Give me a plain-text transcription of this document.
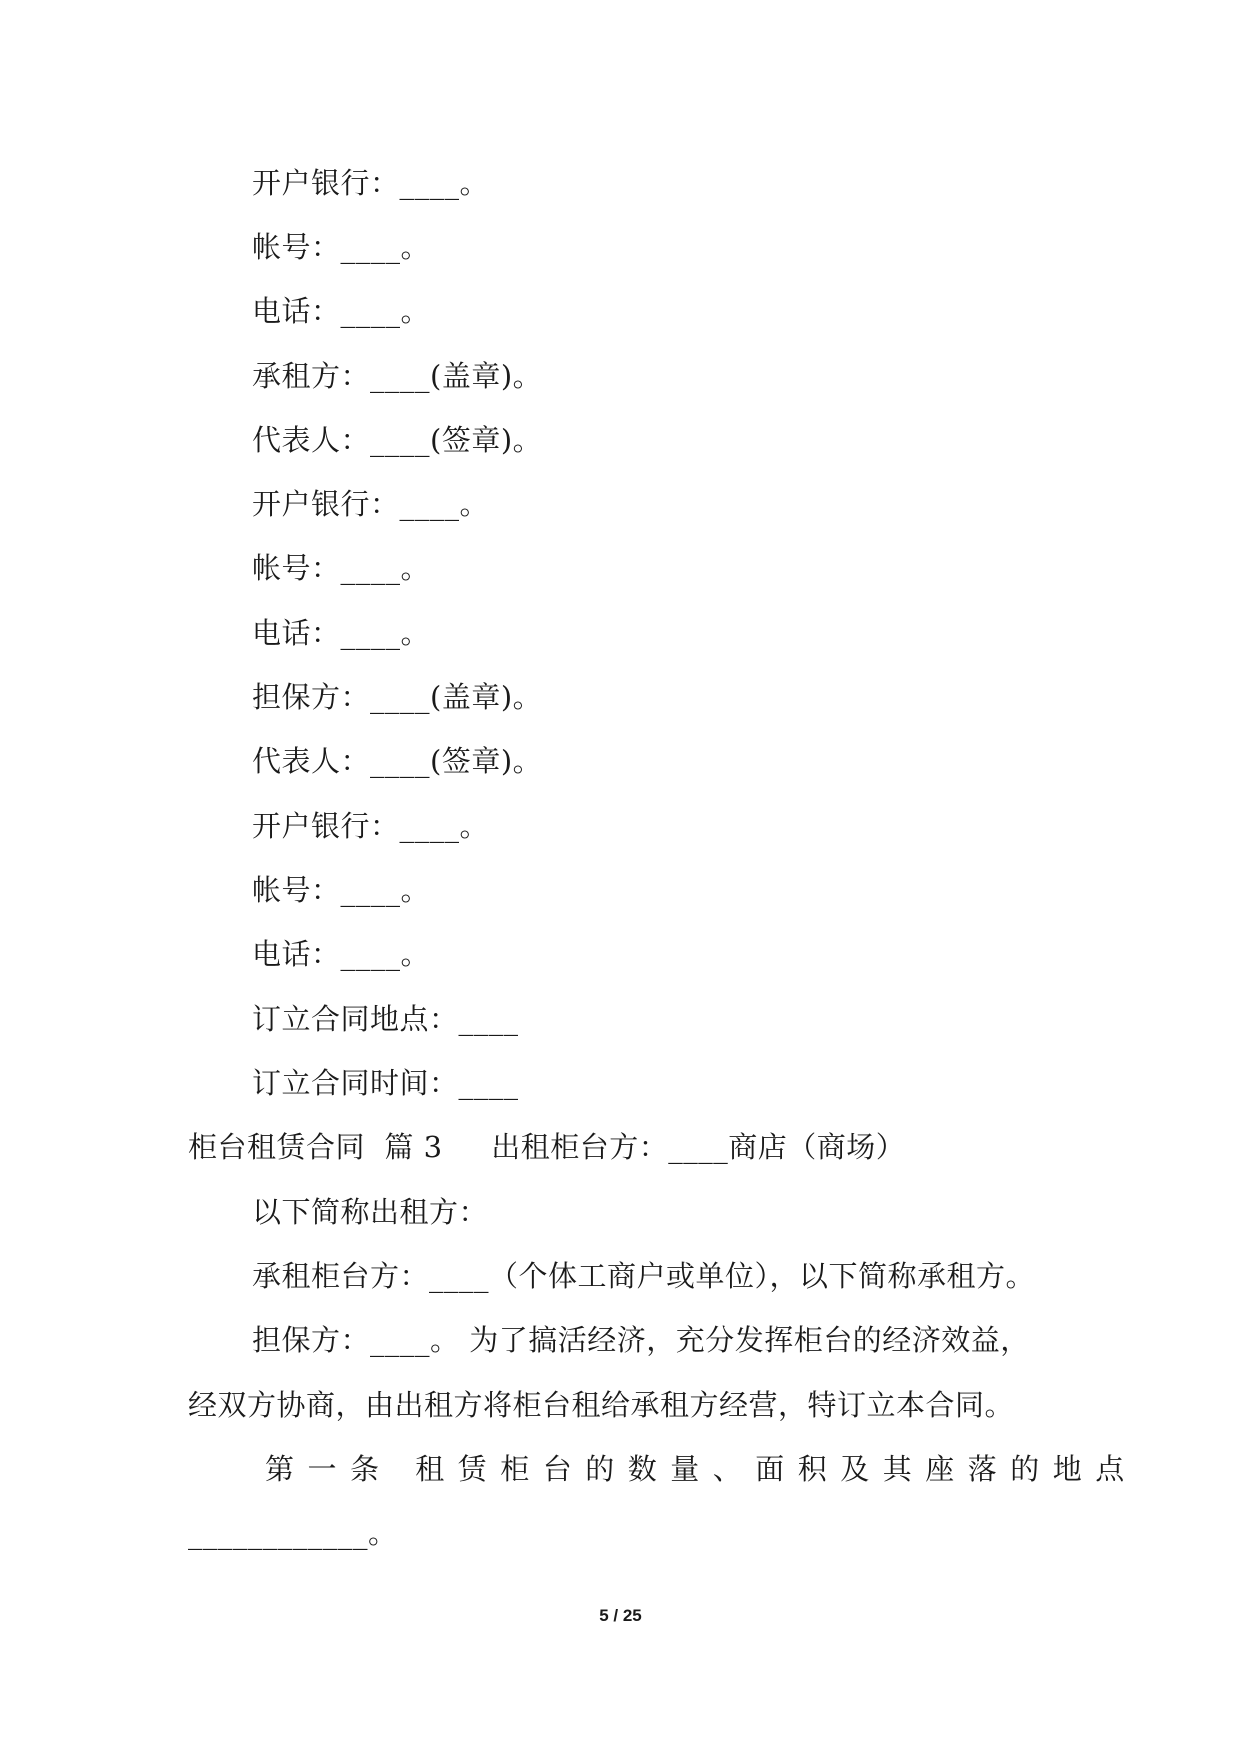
开户银行：____。
帐号：____。
电话：____。
承租方：____(盖章)。
代表人：____(签章)。
开户银行：____。
帐号：____。
电话：____。
担保方：____(盖章)。
代表人：____(签章)。
开户银行：____。
帐号：____。
电话：____。
订立合同地点：____
订立合同时间：____
柜台租赁合同  篇 3     出租柜台方：____商店（商场）
以下简称出租方：
承租柜台方：____（个体工商户或单位），以下简称承租方。
担保方：____。 为了搞活经济，充分发挥柜台的经济效益，
经双方协商，由出租方将柜台租给承租方经营，特订立本合同。
第一条 租赁柜台的数量、面积及其座落的地点
____________。
5 / 25
